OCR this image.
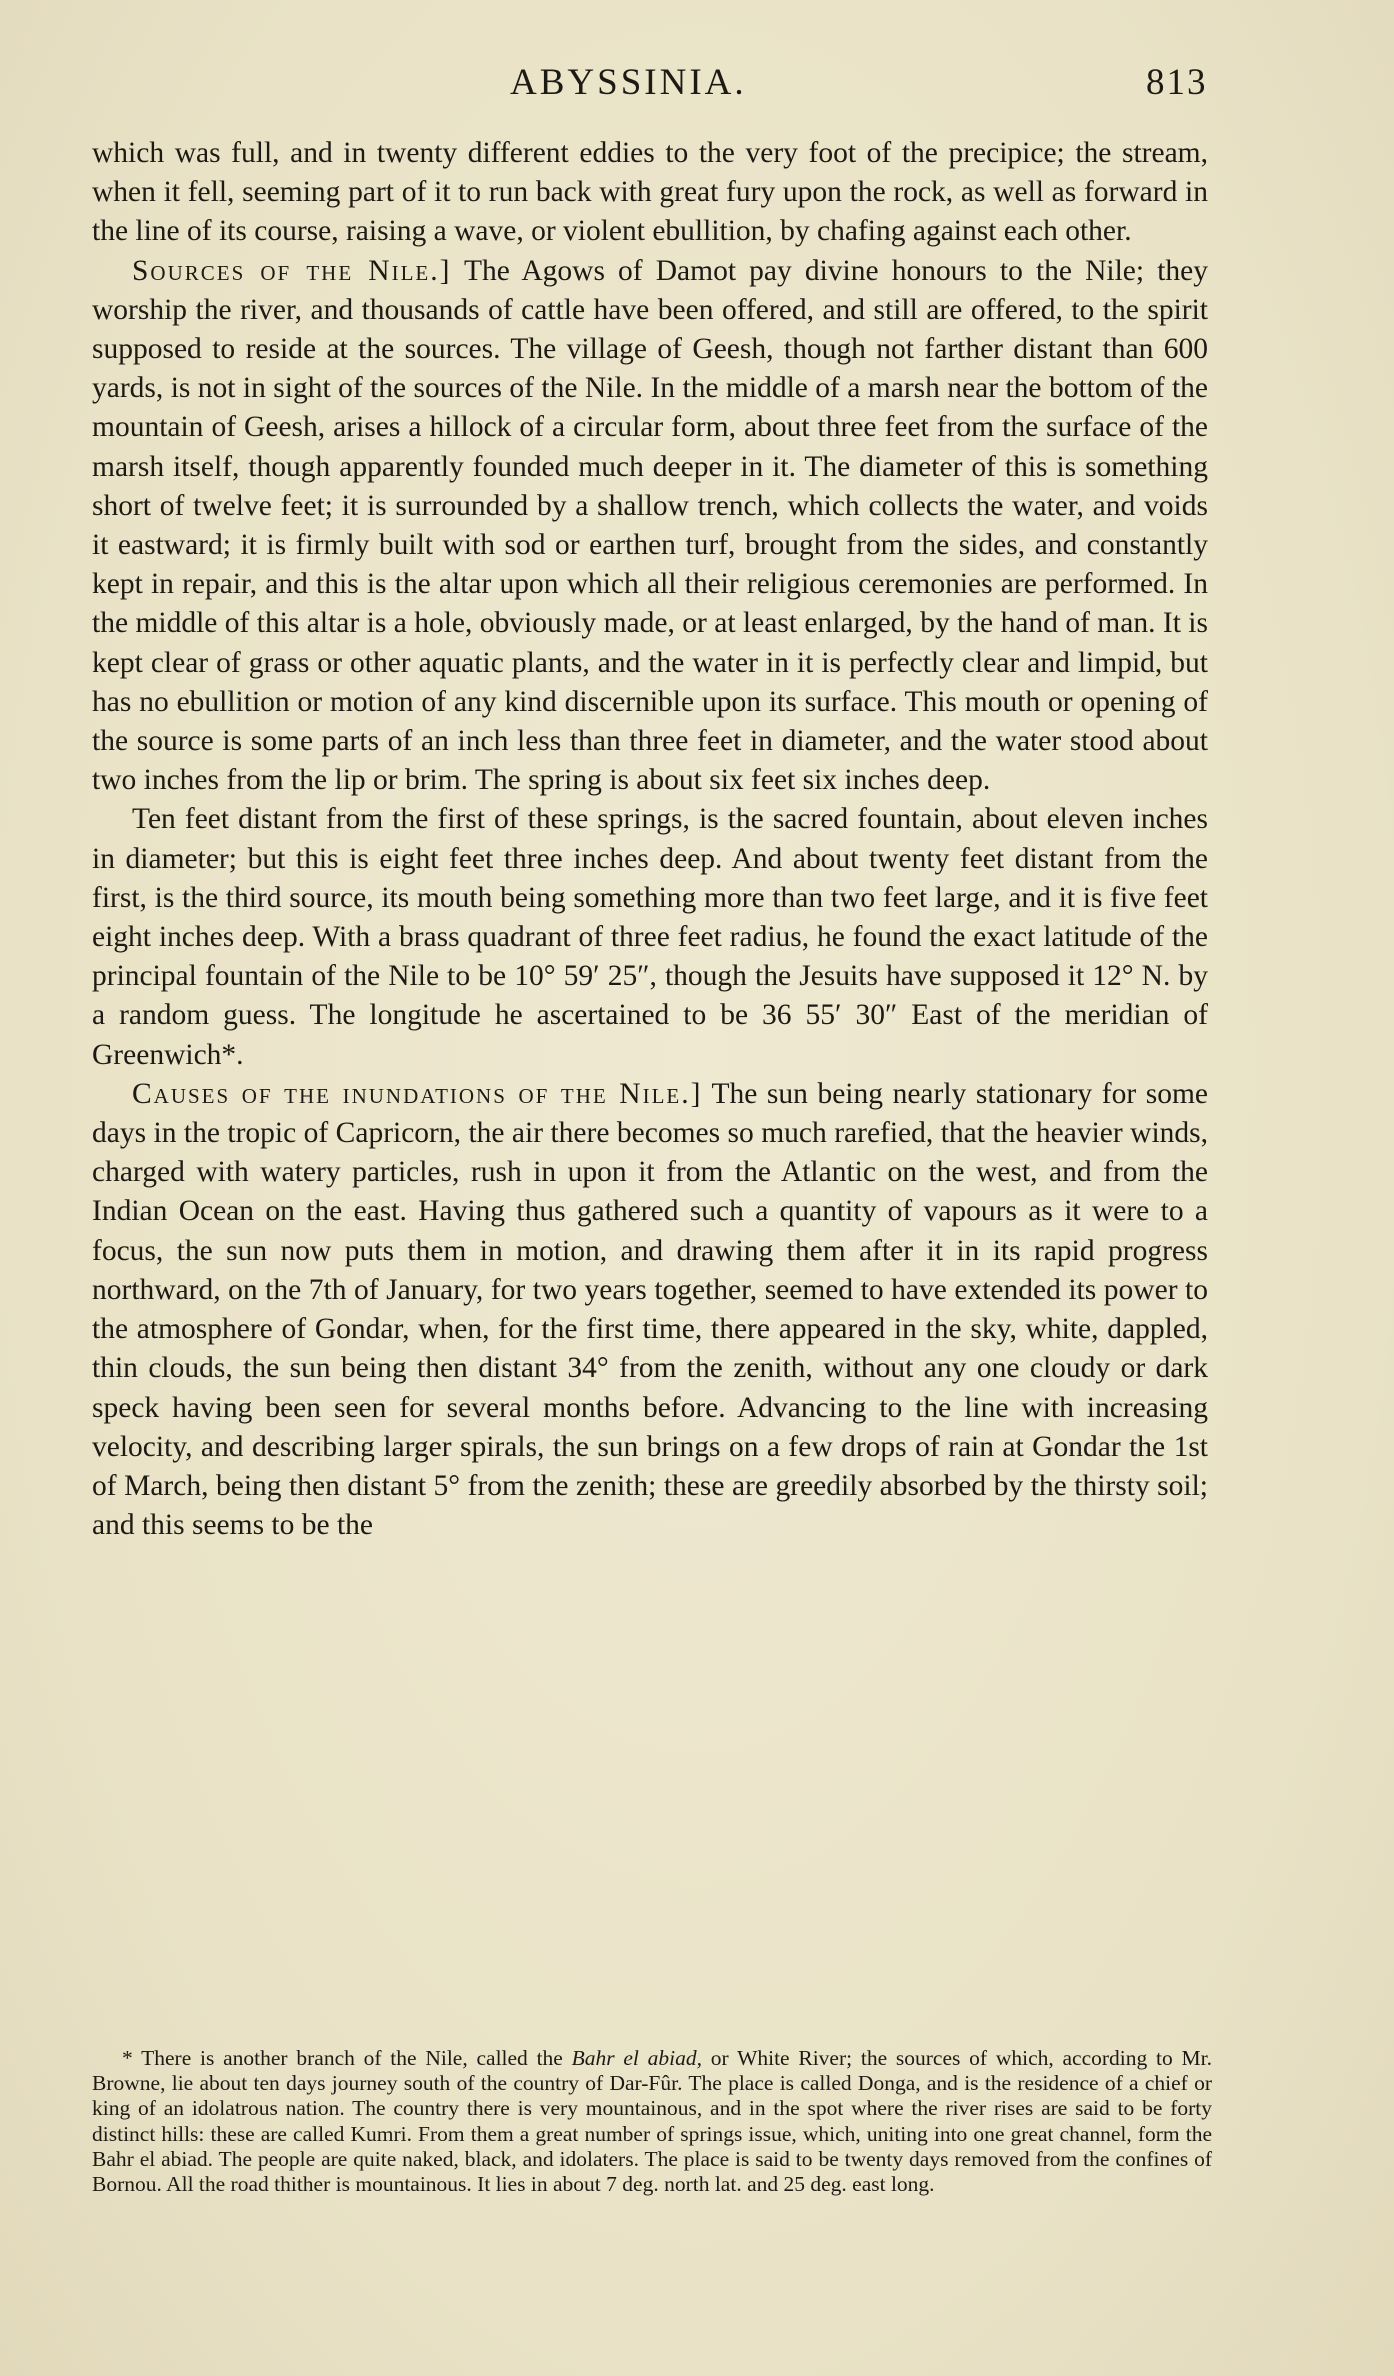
ABYSSINIA.	813

which was full, and in twenty different eddies to the very foot of the precipice; the stream, when it fell, seeming part of it to run back with great fury upon the rock, as well as forward in the line of its course, raising a wave, or violent ebullition, by chafing against each other.

Sources of the Nile.] The Agows of Damot pay divine honours to the Nile; they worship the river, and thousands of cattle have been offered, and still are offered, to the spirit supposed to reside at the sources. The village of Geesh, though not farther distant than 600 yards, is not in sight of the sources of the Nile. In the middle of a marsh near the bottom of the mountain of Geesh, arises a hillock of a circular form, about three feet from the surface of the marsh itself, though apparently founded much deeper in it. The diameter of this is something short of twelve feet; it is surrounded by a shallow trench, which collects the water, and voids it eastward; it is firmly built with sod or earthen turf, brought from the sides, and constantly kept in repair, and this is the altar upon which all their religious ceremonies are performed. In the middle of this altar is a hole, obviously made, or at least enlarged, by the hand of man. It is kept clear of grass or other aquatic plants, and the water in it is perfectly clear and limpid, but has no ebullition or motion of any kind discernible upon its surface. This mouth or opening of the source is some parts of an inch less than three feet in diameter, and the water stood about two inches from the lip or brim. The spring is about six feet six inches deep.

Ten feet distant from the first of these springs, is the sacred fountain, about eleven inches in diameter; but this is eight feet three inches deep. And about twenty feet distant from the first, is the third source, its mouth being something more than two feet large, and it is five feet eight inches deep. With a brass quadrant of three feet radius, he found the exact latitude of the principal fountain of the Nile to be 10° 59′ 25″, though the Jesuits have supposed it 12° N. by a random guess. The longitude he ascertained to be 36 55′ 30″ East of the meridian of Greenwich*.

Causes of the inundations of the Nile.] The sun being nearly stationary for some days in the tropic of Capricorn, the air there becomes so much rarefied, that the heavier winds, charged with watery particles, rush in upon it from the Atlantic on the west, and from the Indian Ocean on the east. Having thus gathered such a quantity of vapours as it were to a focus, the sun now puts them in motion, and drawing them after it in its rapid progress northward, on the 7th of January, for two years together, seemed to have extended its power to the atmosphere of Gondar, when, for the first time, there appeared in the sky, white, dappled, thin clouds, the sun being then distant 34° from the zenith, without any one cloudy or dark speck having been seen for several months before. Advancing to the line with increasing velocity, and describing larger spirals, the sun brings on a few drops of rain at Gondar the 1st of March, being then distant 5° from the zenith; these are greedily absorbed by the thirsty soil; and this seems to be the

* There is another branch of the Nile, called the Bahr el abiad, or White River; the sources of which, according to Mr. Browne, lie about ten days journey south of the country of Dar-Fûr. The place is called Donga, and is the residence of a chief or king of an idolatrous nation. The country there is very mountainous, and in the spot where the river rises are said to be forty distinct hills: these are called Kumri. From them a great number of springs issue, which, uniting into one great channel, form the Bahr el abiad. The people are quite naked, black, and idolaters. The place is said to be twenty days removed from the confines of Bornou. All the road thither is mountainous. It lies in about 7 deg. north lat. and 25 deg. east long.
